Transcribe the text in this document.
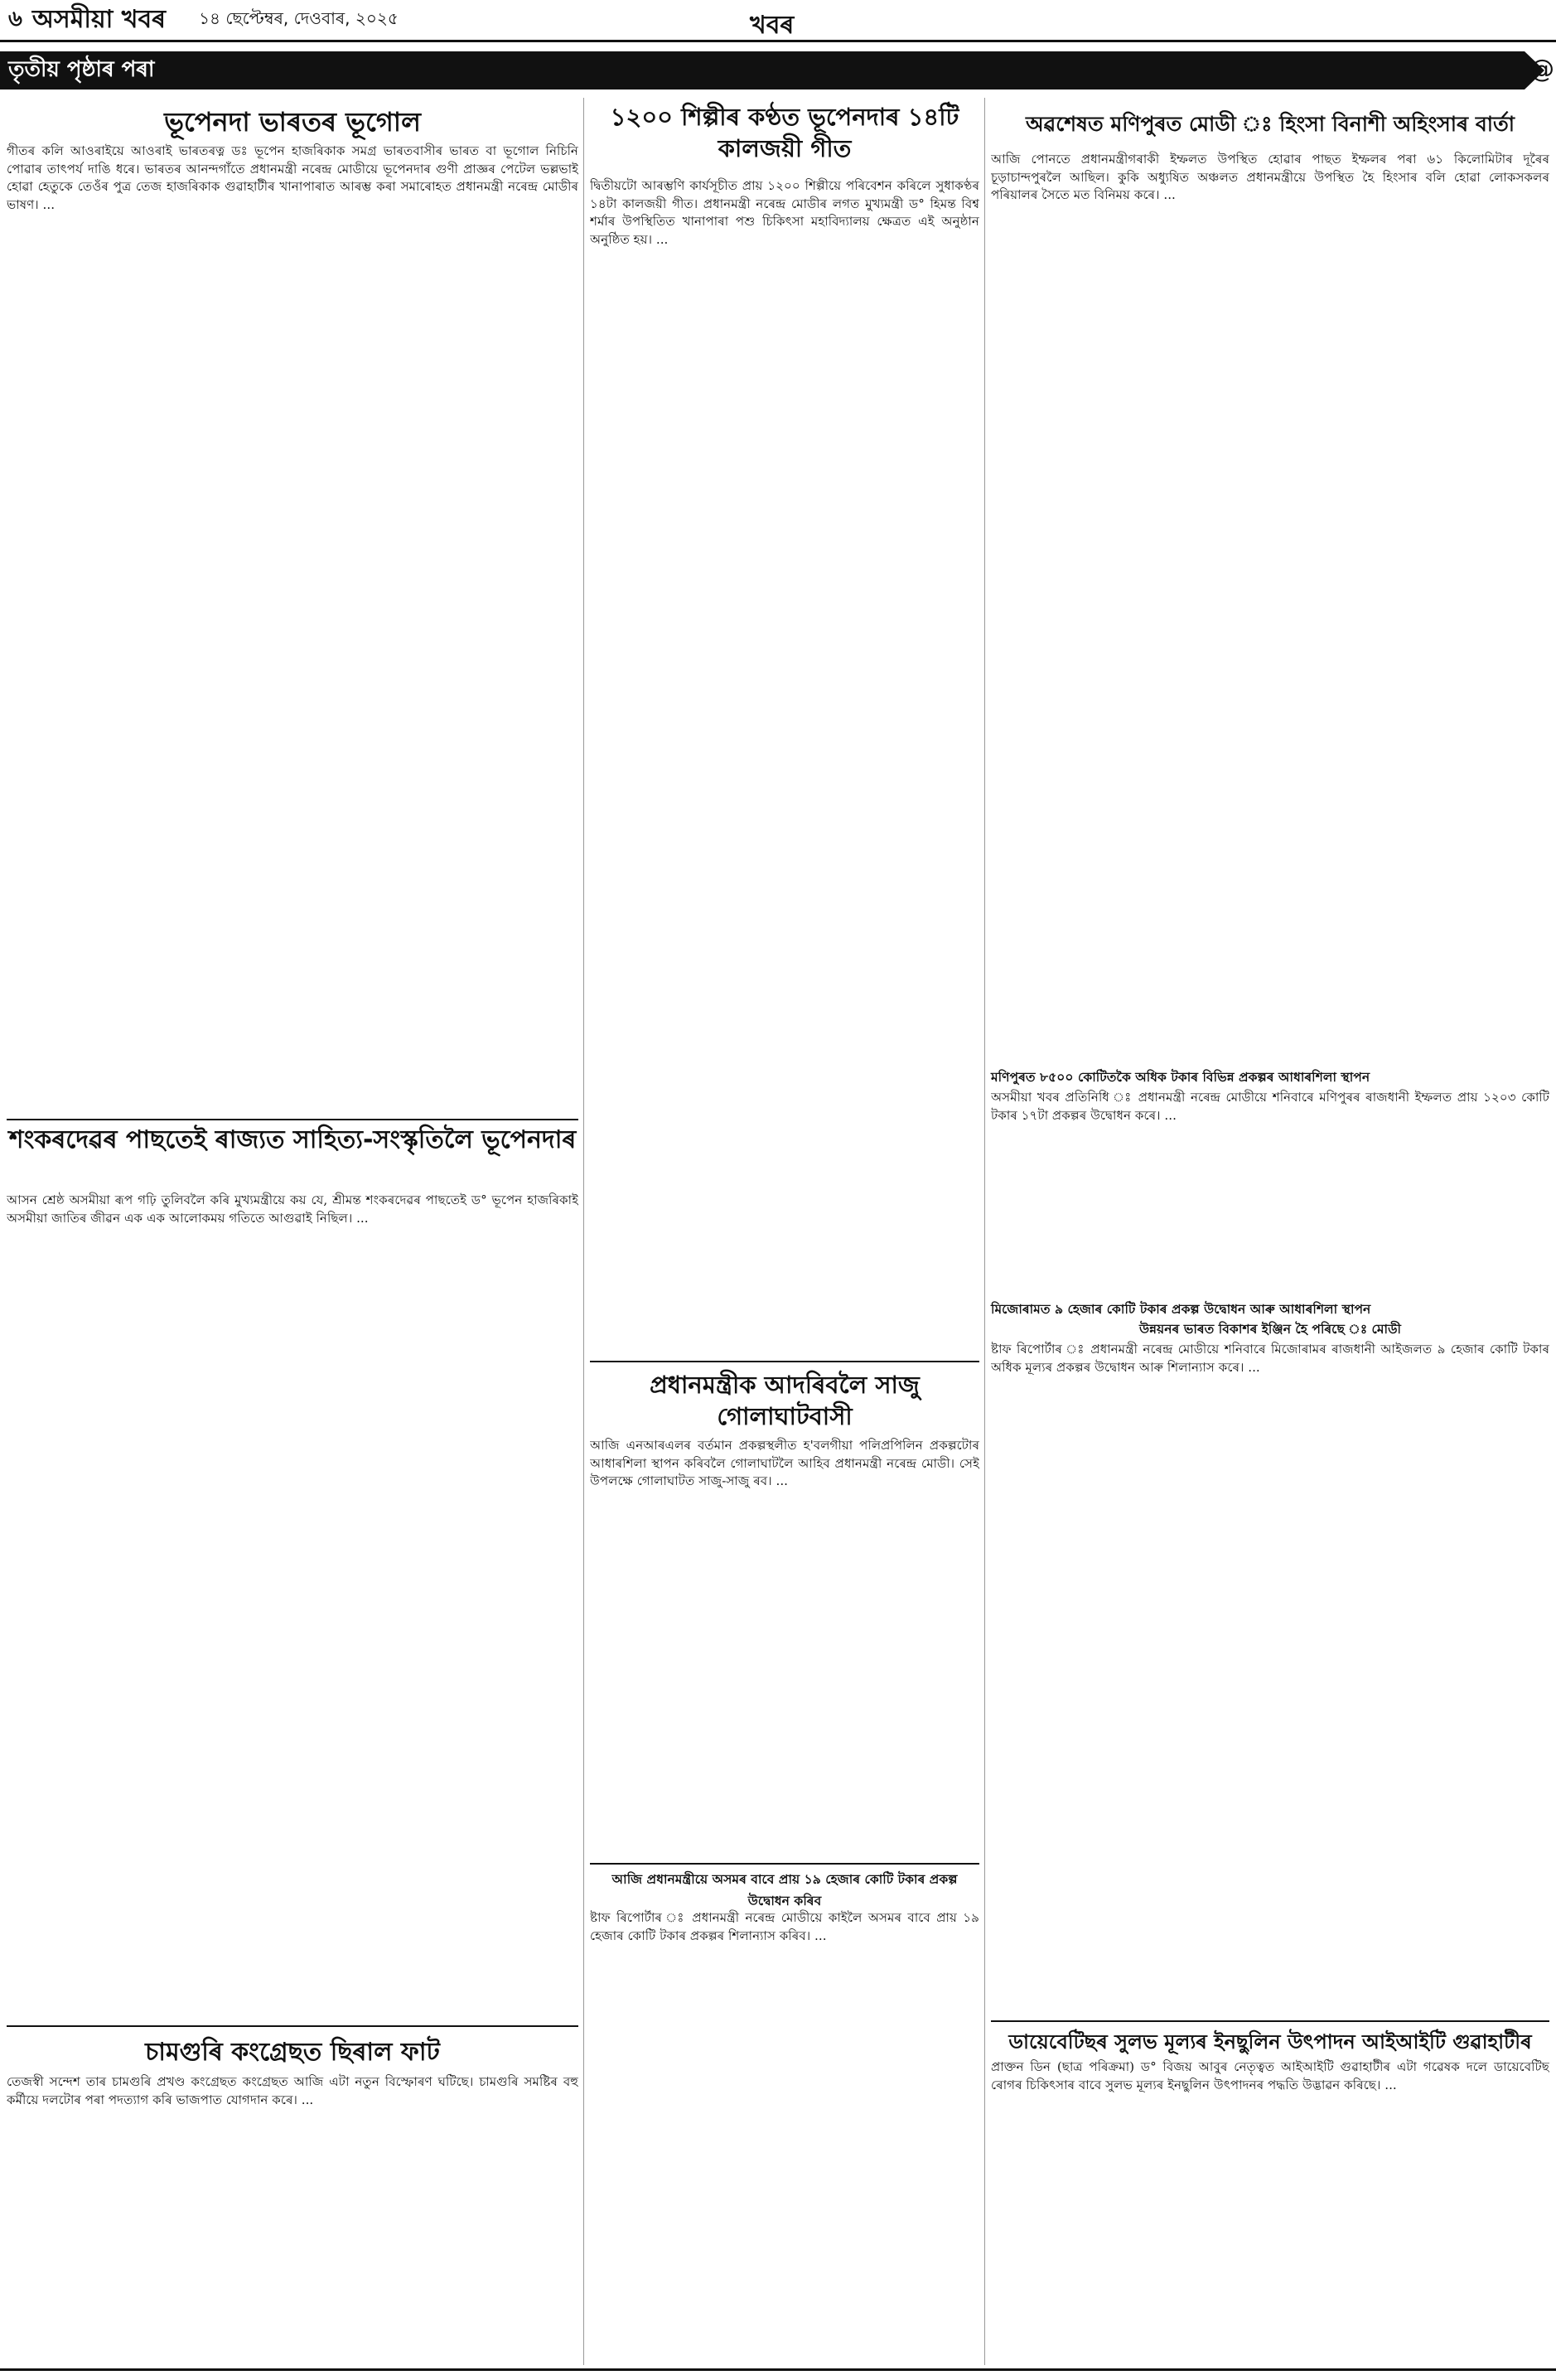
৬ অসমীয়া খবৰ ১৪ ছেপ্টেম্বৰ, দেওবাৰ, ২০২৫	খবৰ
তৃতীয় পৃষ্ঠাৰ পৰা	@
ভূপেনদা ভাৰতৰ ভূগোল
গীতৰ কলি আওৰাইয়ে আওৰাই ভাৰতৰত্ন ডঃ ভূপেন হাজৰিকাক সমগ্ৰ ভাৰতবাসীৰ ভাৰত বা ভূগোল নিচিনি পোৱাৰ তাৎপৰ্য দাঙি ধৰে। ভাৰতৰ আনন্দগাঁতে প্ৰধানমন্ত্ৰী নৰেন্দ্ৰ মোডীয়ে ভূপেনদাৰ গুণী প্ৰাজ্ঞৰ পেটেল ভল্লভাই হোৱা হেতুকে তেওঁৰ পুত্ৰ তেজ হাজৰিকাক গুৱাহাটীৰ খানাপাৰাত আৰম্ভ কৰা সমাৰোহত প্ৰধানমন্ত্ৰী নৰেন্দ্ৰ মোডীৰ ভাষণ। ...
শংকৰদেৱৰ পাছতেই ৰাজ্যত সাহিত্য-সংস্কৃতিলৈ ভূপেনদাৰ
আসন শ্ৰেষ্ঠ অসমীয়া ৰূপ গঢ়ি তুলিবলৈ কৰি মুখ্যমন্ত্ৰীয়ে কয় যে, শ্ৰীমন্ত শংকৰদেৱৰ পাছতেই ড° ভূপেন হাজৰিকাই অসমীয়া জাতিৰ জীৱন এক এক আলোকময় গতিতে আগুৱাই নিছিল। ...
চামগুৰি কংগ্ৰেছত ছিৰাল ফাট
তেজস্বী সন্দেশ তাৰ চামগুৰি প্ৰখণ্ড কংগ্ৰেছত কংগ্ৰেছত আজি এটা নতুন বিস্ফোৰণ ঘটিছে। চামগুৰি সমষ্টিৰ বহু কৰ্মীয়ে দলটোৰ পৰা পদত্যাগ কৰি ভাজপাত যোগদান কৰে। ...
১২০০ শিল্পীৰ কণ্ঠত ভূপেনদাৰ ১৪টি কালজয়ী গীত
দ্বিতীয়টো আৰম্ভণি কাৰ্যসূচীত প্ৰায় ১২০০ শিল্পীয়ে পৰিবেশন কৰিলে সুধাকণ্ঠৰ ১৪টা কালজয়ী গীত। প্ৰধানমন্ত্ৰী নৰেন্দ্ৰ মোডীৰ লগত মুখ্যমন্ত্ৰী ড° হিমন্ত বিশ্ব শৰ্মাৰ উপস্থিতিত খানাপাৰা পশু চিকিৎসা মহাবিদ্যালয় ক্ষেত্ৰত এই অনুষ্ঠান অনুষ্ঠিত হয়। ...
প্ৰধানমন্ত্ৰীক আদৰিবলৈ সাজু গোলাঘাটবাসী
আজি এনআৰএলৰ বৰ্তমান প্ৰকল্পস্থলীত হ'বলগীয়া পলিপ্ৰপিলিন প্ৰকল্পটোৰ আধাৰশিলা স্থাপন কৰিবলৈ গোলাঘাটলৈ আহিব প্ৰধানমন্ত্ৰী নৰেন্দ্ৰ মোডী। সেই উপলক্ষে গোলাঘাটত সাজু-সাজু ৰব। ...
আজি প্ৰধানমন্ত্ৰীয়ে অসমৰ বাবে প্ৰায় ১৯ হেজাৰ কোটি টকাৰ প্ৰকল্প উদ্বোধন কৰিব
ষ্টাফ ৰিপোৰ্টাৰ ঃ প্ৰধানমন্ত্ৰী নৰেন্দ্ৰ মোডীয়ে কাইলৈ অসমৰ বাবে প্ৰায় ১৯ হেজাৰ কোটি টকাৰ প্ৰকল্পৰ শিলান্যাস কৰিব। ...
অৱশেষত মণিপুৰত মোডী ঃ হিংসা বিনাশী অহিংসাৰ বাৰ্তা
আজি পোনতে প্ৰধানমন্ত্ৰীগৰাকী ইম্ফলত উপস্থিত হোৱাৰ পাছত ইম্ফলৰ পৰা ৬১ কিলোমিটাৰ দূৰৈৰ চূড়াচান্দপুৰলৈ আছিল। কুকি অধ্যুষিত অঞ্চলত প্ৰধানমন্ত্ৰীয়ে উপস্থিত হৈ হিংসাৰ বলি হোৱা লোকসকলৰ পৰিয়ালৰ সৈতে মত বিনিময় কৰে। ...
মণিপুৰত ৮৫০০ কোটিতকৈ অধিক টকাৰ বিভিন্ন প্ৰকল্পৰ আধাৰশিলা স্থাপন
অসমীয়া খবৰ প্ৰতিনিধি ঃ প্ৰধানমন্ত্ৰী নৰেন্দ্ৰ মোডীয়ে শনিবাৰে মণিপুৰৰ ৰাজধানী ইম্ফলত প্ৰায় ১২০৩ কোটি টকাৰ ১৭টা প্ৰকল্পৰ উদ্বোধন কৰে। ...
মিজোৰামত ৯ হেজাৰ কোটি টকাৰ প্ৰকল্প উদ্বোধন আৰু আধাৰশিলা স্থাপন
উন্নয়নৰ ভাৰত বিকাশৰ ইঞ্জিন হৈ পৰিছে ঃ মোডী
ষ্টাফ ৰিপোৰ্টাৰ ঃ প্ৰধানমন্ত্ৰী নৰেন্দ্ৰ মোডীয়ে শনিবাৰে মিজোৰামৰ ৰাজধানী আইজলত ৯ হেজাৰ কোটি টকাৰ অধিক মূল্যৰ প্ৰকল্পৰ উদ্বোধন আৰু শিলান্যাস কৰে। ...
ডায়েবেটিছৰ সুলভ মূল্যৰ ইনছুলিন উৎপাদন আইআইটি গুৱাহাটীৰ
প্ৰাক্তন ডিন (ছাত্ৰ পৰিক্ৰমা) ড° বিজয় আবুৰ নেতৃত্বত আইআইটি গুৱাহাটীৰ এটা গৱেষক দলে ডায়েবেটিছ ৰোগৰ চিকিৎসাৰ বাবে সুলভ মূল্যৰ ইনছুলিন উৎপাদনৰ পদ্ধতি উদ্ভাৱন কৰিছে। ...
